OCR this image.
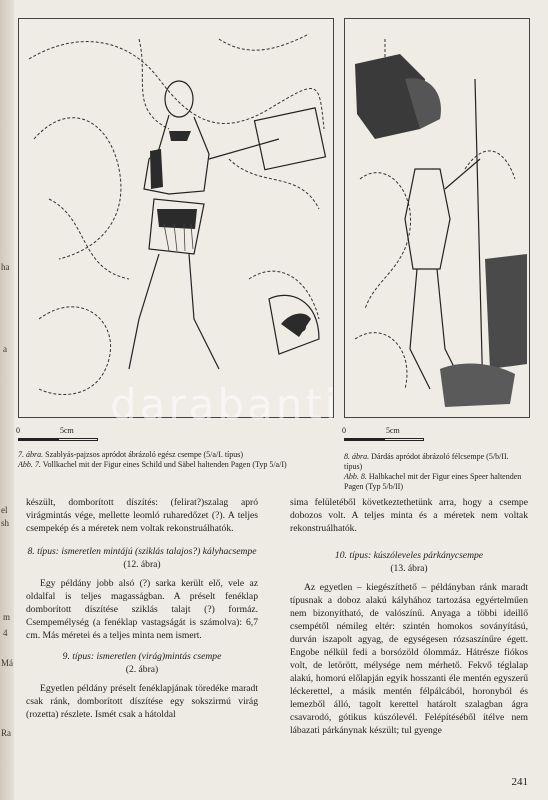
ha
a
el
sh
m
4
Má
Ra
0	5cm	0	5cm
7. ábra. Szablyás-pajzsos apródot ábrázoló egész csempe (5/a/I. típus)
Abb. 7. Vollkachel mit der Figur eines Schild und Säbel haltenden Pagen (Typ 5/a/I)
8. ábra. Dárdás apródot ábrázoló félcsempe (5/b/II. típus)
Abb. 8. Halbkachel mit der Figur eines Speer haltenden Pagen (Typ 5/b/II)

készült, domborított díszítés: (felirat?)szalag apró virágmintás vége, mellette leomló ruharedőzet (?). A teljes csempekép és a méretek nem voltak rekonstruálhatók.

8. típus: ismeretlen mintájú (sziklás talajos?) kályhacsempe
(12. ábra)

Egy példány jobb alsó (?) sarka került elő, vele az oldalfal is teljes magasságban. A préselt fenéklap domborított díszítése sziklás talajt (?) formáz. Csempemélység (a fenéklap vastagságát is számolva): 6,7 cm. Más méretei és a teljes minta nem ismert.

9. típus: ismeretlen (virág)mintás csempe
(2. ábra)

Egyetlen példány préselt fenéklapjának töredéke maradt csak ránk, domborított díszítése egy sokszirmú virág (rozetta) részlete. Ismét csak a hátoldal

sima felületéből következtethetünk arra, hogy a csempe dobozos volt. A teljes minta és a méretek nem voltak rekonstruálhatók.

10. típus: kúszóleveles párkánycsempe
(13. ábra)

Az egyetlen – kiegészíthető – példányban ránk maradt típusnak a doboz alakú kályhához tartozása egyértelműen nem bizonyítható, de valószínű. Anyaga a többi ideillő csempétől némileg eltér: szintén homokos soványítású, durván iszapolt agyag, de egységesen rózsaszínűre égett. Engobe nélkül fedi a borsózöld ólommáz. Hátrésze fiókos volt, de letörött, mélysége nem mérhető. Fekvő téglalap alakú, homorú előlapján egyik hosszanti éle mentén egyszerű léckerettel, a másik mentén félpálcából, horonyból és lemezből álló, tagolt kerettel határolt szalagban ágra csavarodó, gótikus kúszólevél. Felépítéséből ítélve nem lábazati párkánynak készült; tul gyenge

darabanti
241
